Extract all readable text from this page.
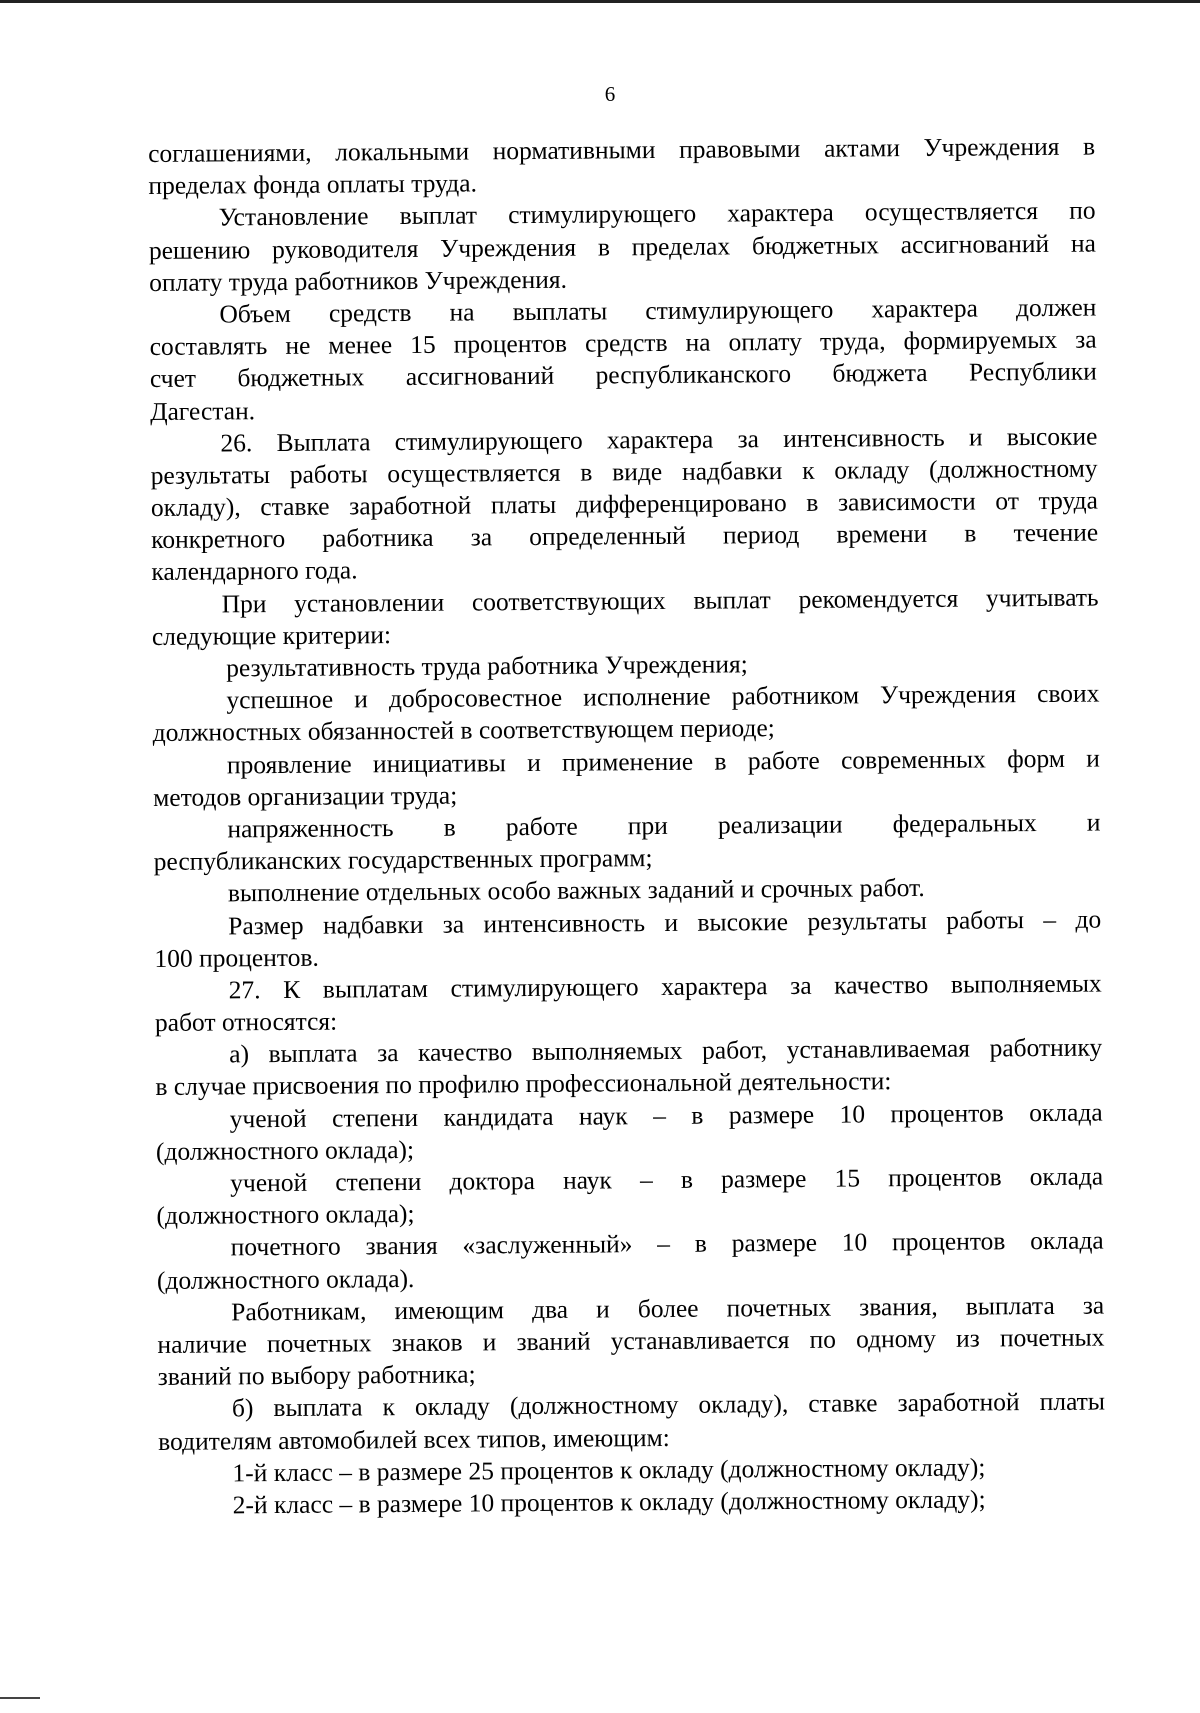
6
соглашениями, локальными нормативными правовыми актами Учреждения в
пределах фонда оплаты труда.
Установление выплат стимулирующего характера осуществляется по
решению руководителя Учреждения в пределах бюджетных ассигнований на
оплату труда работников Учреждения.
Объем средств на выплаты стимулирующего характера должен
составлять не менее 15 процентов средств на оплату труда, формируемых за
счет бюджетных ассигнований республиканского бюджета Республики
Дагестан.
26. Выплата стимулирующего характера за интенсивность и высокие
результаты работы осуществляется в виде надбавки к окладу (должностному
окладу), ставке заработной платы дифференцировано в зависимости от труда
конкретного работника за определенный период времени в течение
календарного года.
При установлении соответствующих выплат рекомендуется учитывать
следующие критерии:
результативность труда работника Учреждения;
успешное и добросовестное исполнение работником Учреждения своих
должностных обязанностей в соответствующем периоде;
проявление инициативы и применение в работе современных форм и
методов организации труда;
напряженность в работе при реализации федеральных и
республиканских государственных программ;
выполнение отдельных особо важных заданий и срочных работ.
Размер надбавки за интенсивность и высокие результаты работы – до
100 процентов.
27. К выплатам стимулирующего характера за качество выполняемых
работ относятся:
а) выплата за качество выполняемых работ, устанавливаемая работнику
в случае присвоения по профилю профессиональной деятельности:
ученой степени кандидата наук – в размере 10 процентов оклада
(должностного оклада);
ученой степени доктора наук – в размере 15 процентов оклада
(должностного оклада);
почетного звания «заслуженный» – в размере 10 процентов оклада
(должностного оклада).
Работникам, имеющим два и более почетных звания, выплата за
наличие почетных знаков и званий устанавливается по одному из почетных
званий по выбору работника;
б) выплата к окладу (должностному окладу), ставке заработной платы
водителям автомобилей всех типов, имеющим:
1-й класс – в размере 25 процентов к окладу (должностному окладу);
2-й класс – в размере 10 процентов к окладу (должностному окладу);
